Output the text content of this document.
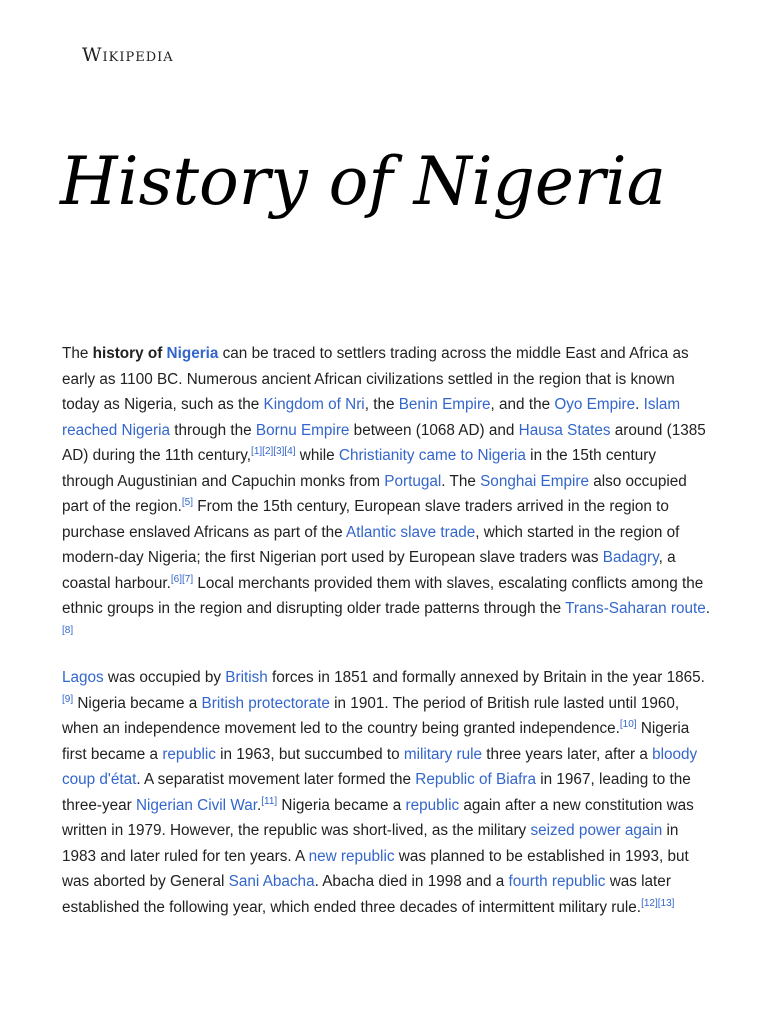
Wikipedia
History of Nigeria

The history of Nigeria can be traced to settlers trading across the middle East and Africa as early as 1100 BC. Numerous ancient African civilizations settled in the region that is known today as Nigeria, such as the Kingdom of Nri, the Benin Empire, and the Oyo Empire. Islam reached Nigeria through the Bornu Empire between (1068 AD) and Hausa States around (1385 AD) during the 11th century,[1][2][3][4] while Christianity came to Nigeria in the 15th century through Augustinian and Capuchin monks from Portugal. The Songhai Empire also occupied part of the region.[5] From the 15th century, European slave traders arrived in the region to purchase enslaved Africans as part of the Atlantic slave trade, which started in the region of modern-day Nigeria; the first Nigerian port used by European slave traders was Badagry, a coastal harbour.[6][7] Local merchants provided them with slaves, escalating conflicts among the ethnic groups in the region and disrupting older trade patterns through the Trans-Saharan route.[8]

Lagos was occupied by British forces in 1851 and formally annexed by Britain in the year 1865.[9] Nigeria became a British protectorate in 1901. The period of British rule lasted until 1960, when an independence movement led to the country being granted independence.[10] Nigeria first became a republic in 1963, but succumbed to military rule three years later, after a bloody coup d'état. A separatist movement later formed the Republic of Biafra in 1967, leading to the three-year Nigerian Civil War.[11] Nigeria became a republic again after a new constitution was written in 1979. However, the republic was short-lived, as the military seized power again in 1983 and later ruled for ten years. A new republic was planned to be established in 1993, but was aborted by General Sani Abacha. Abacha died in 1998 and a fourth republic was later established the following year, which ended three decades of intermittent military rule.[12][13]
